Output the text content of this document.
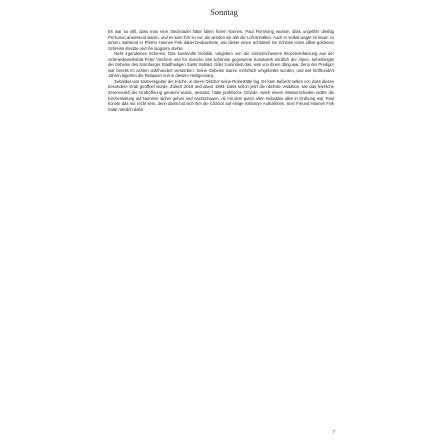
Sonntag

Es war so still, dass man eine Stecknadel hätte fallen hören können. Paul Flemming wusste, dass ungefähr dreißig Personen anwesend waren, und es kam ihm so vor, als würden sie alle die Luft anhalten. Auch er selbst wagte es kaum zu atmen, während er Pfarrer Hannes Fink dabei beobachtete, wie dieser einen Schlüssel ins Schloss eines silber-goldenen Schreins steckte und ihn langsam drehte.

Nicht irgendeines Schreins. Das kunstvolle Gebilde, umgeben von der tonnenschweren Bronzeeinfassung aus der Schmiedewerkstatt Peter Vischers und für manche das schönste gegossene Kunstwerk nördlich der Alpen, beherbergte die Gebeine des Nürnberger Stadtheiligen Sankt Sebald. Oder zumindest das, was von ihnen übrig war, denn der Prediger war bereits im achten Jahrhundert verstorben. Seine Gebeine waren mehrfach umgebettet worden, und seit fünfhundert Jahren lagerten die Reliquien nun in diesem Heiligensarg.

Sebaldus war Namensgeber der Kirche, in deren Ostchor seine Ruhestätte lag. Es kam äußerst selten vor, dass dieses besondere Grab geöffnet wurde. Zuletzt 2019 und davor 1993. Dass schon jetzt die nächste Visitation, wie das feierliche Zeremoniell der Graböffnung genannt wurde, anstand, hatte praktische Gründe. Nach einem Wasserschaden wollte die Kirchenleitung auf Nummer sicher gehen und nachschauen, ob mit dem guten alten Sebaldus alles in Ordnung war. Paul konnte das nur recht sein, denn damit bot sich ihm die Chance auf einige exklusive Aufnahmen. Sein Freund Hannes Fink hatte nämlich dafür

7
